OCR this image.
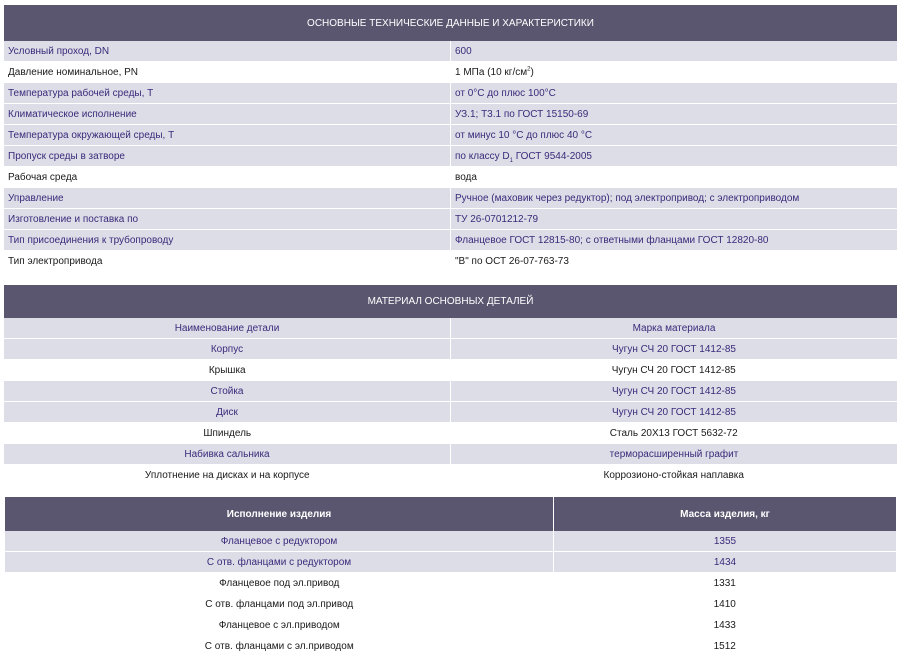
ОСНОВНЫЕ ТЕХНИЧЕСКИЕ ДАННЫЕ И ХАРАКТЕРИСТИКИ	
Условный проход, DN	600
Давление номинальное, PN	1 МПа (10 $кг/см^2$)
Температура рабочей среды, T	от 0°С до плюс 100°С
Климатическое исполнение	УЗ.1; Т3.1 по ГОСТ 15150-69
Температура окружающей среды, T	от минус 10 °С до плюс 40 °С
Пропуск среды в затворе	по классу $D_1$ ГОСТ 9544-2005
Рабочая среда	вода
Управление	Ручное (маховик через редуктор); под электропривод; с электроприводом
Изготовление и поставка по	ТУ 26-0701212-79
Тип присоединения к трубопроводу	Фланцевое ГОСТ 12815-80; с ответными фланцами ГОСТ 12820-80
Тип электропривода	"В" по ОСТ 26-07-763-73
МАТЕРИАЛ ОСНОВНЫХ ДЕТАЛЕЙ	
Наименование детали	Марка материала
Корпус	Чугун СЧ 20 ГОСТ 1412-85
Крышка	Чугун СЧ 20 ГОСТ 1412-85
Стойка	Чугун СЧ 20 ГОСТ 1412-85
Диск	Чугун СЧ 20 ГОСТ 1412-85
Шпиндель	Сталь 20Х13 ГОСТ 5632-72
Набивка сальника	терморасширенный графит
Уплотнение на дисках и на корпусе	Коррозионо-стойкая наплавка
Исполнение изделия	Масса изделия, кг
Фланцевое с редуктором	1355
С отв. фланцами с редуктором	1434
Фланцевое под эл.привод	1331
С отв. фланцами под эл.привод	1410
Фланцевое с эл.приводом	1433
С отв. фланцами с эл.приводом	1512
